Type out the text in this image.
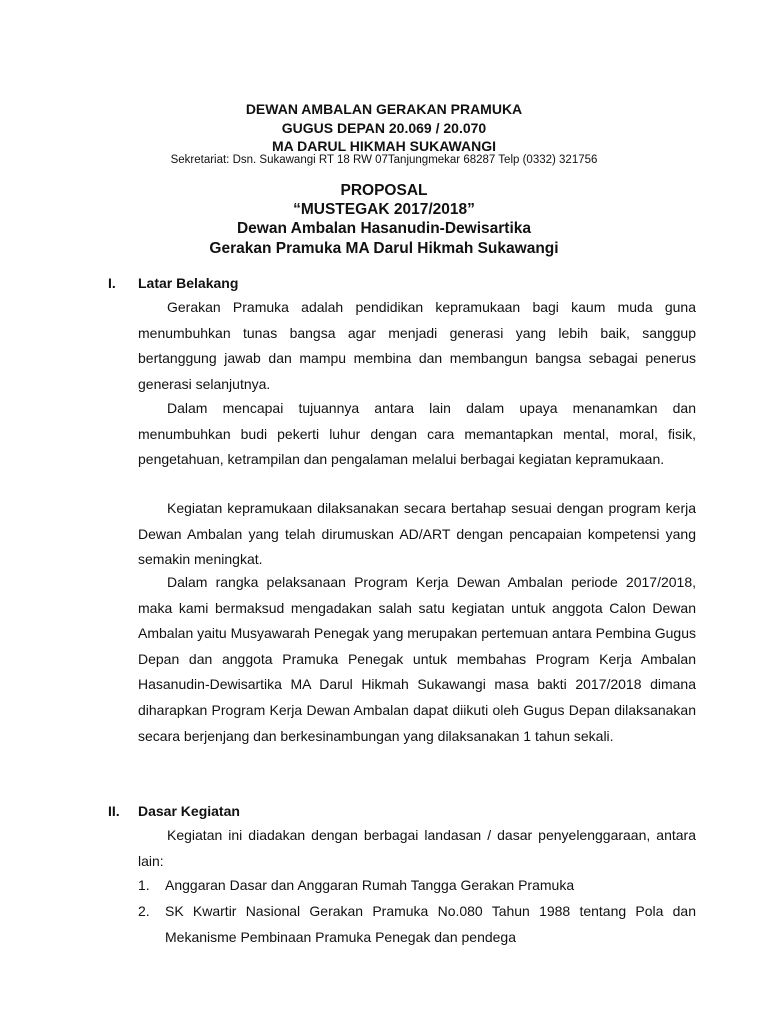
DEWAN AMBALAN GERAKAN PRAMUKA
GUGUS DEPAN 20.069 / 20.070
MA DARUL HIKMAH SUKAWANGI
Sekretariat: Dsn. Sukawangi RT 18 RW 07Tanjungmekar 68287 Telp (0332) 321756
PROPOSAL
“MUSTEGAK 2017/2018”
Dewan Ambalan Hasanudin-Dewisartika
Gerakan Pramuka MA Darul Hikmah Sukawangi
I. Latar Belakang

Gerakan Pramuka adalah pendidikan kepramukaan bagi kaum muda guna menumbuhkan tunas bangsa agar menjadi generasi yang lebih baik, sanggup bertanggung jawab dan mampu membina dan membangun bangsa sebagai penerus generasi selanjutnya.

Dalam mencapai tujuannya antara lain dalam upaya menanamkan dan menumbuhkan budi pekerti luhur dengan cara memantapkan mental, moral, fisik, pengetahuan, ketrampilan dan pengalaman melalui berbagai kegiatan kepramukaan.

Kegiatan kepramukaan dilaksanakan secara bertahap sesuai dengan program kerja Dewan Ambalan yang telah dirumuskan AD/ART dengan pencapaian kompetensi yang semakin meningkat.

Dalam rangka pelaksanaan Program Kerja Dewan Ambalan periode 2017/2018, maka kami bermaksud mengadakan salah satu kegiatan untuk anggota Calon Dewan Ambalan yaitu Musyawarah Penegak yang merupakan pertemuan antara Pembina Gugus Depan dan anggota Pramuka Penegak untuk membahas Program Kerja Ambalan Hasanudin-Dewisartika MA Darul Hikmah Sukawangi masa bakti 2017/2018 dimana diharapkan Program Kerja Dewan Ambalan dapat diikuti oleh Gugus Depan dilaksanakan secara berjenjang dan berkesinambungan yang dilaksanakan 1 tahun sekali.

II. Dasar Kegiatan

Kegiatan ini diadakan dengan berbagai landasan / dasar penyelenggaraan, antara lain:

1. Anggaran Dasar dan Anggaran Rumah Tangga Gerakan Pramuka

2. SK Kwartir Nasional Gerakan Pramuka No.080 Tahun 1988 tentang Pola dan Mekanisme Pembinaan Pramuka Penegak dan pendega
